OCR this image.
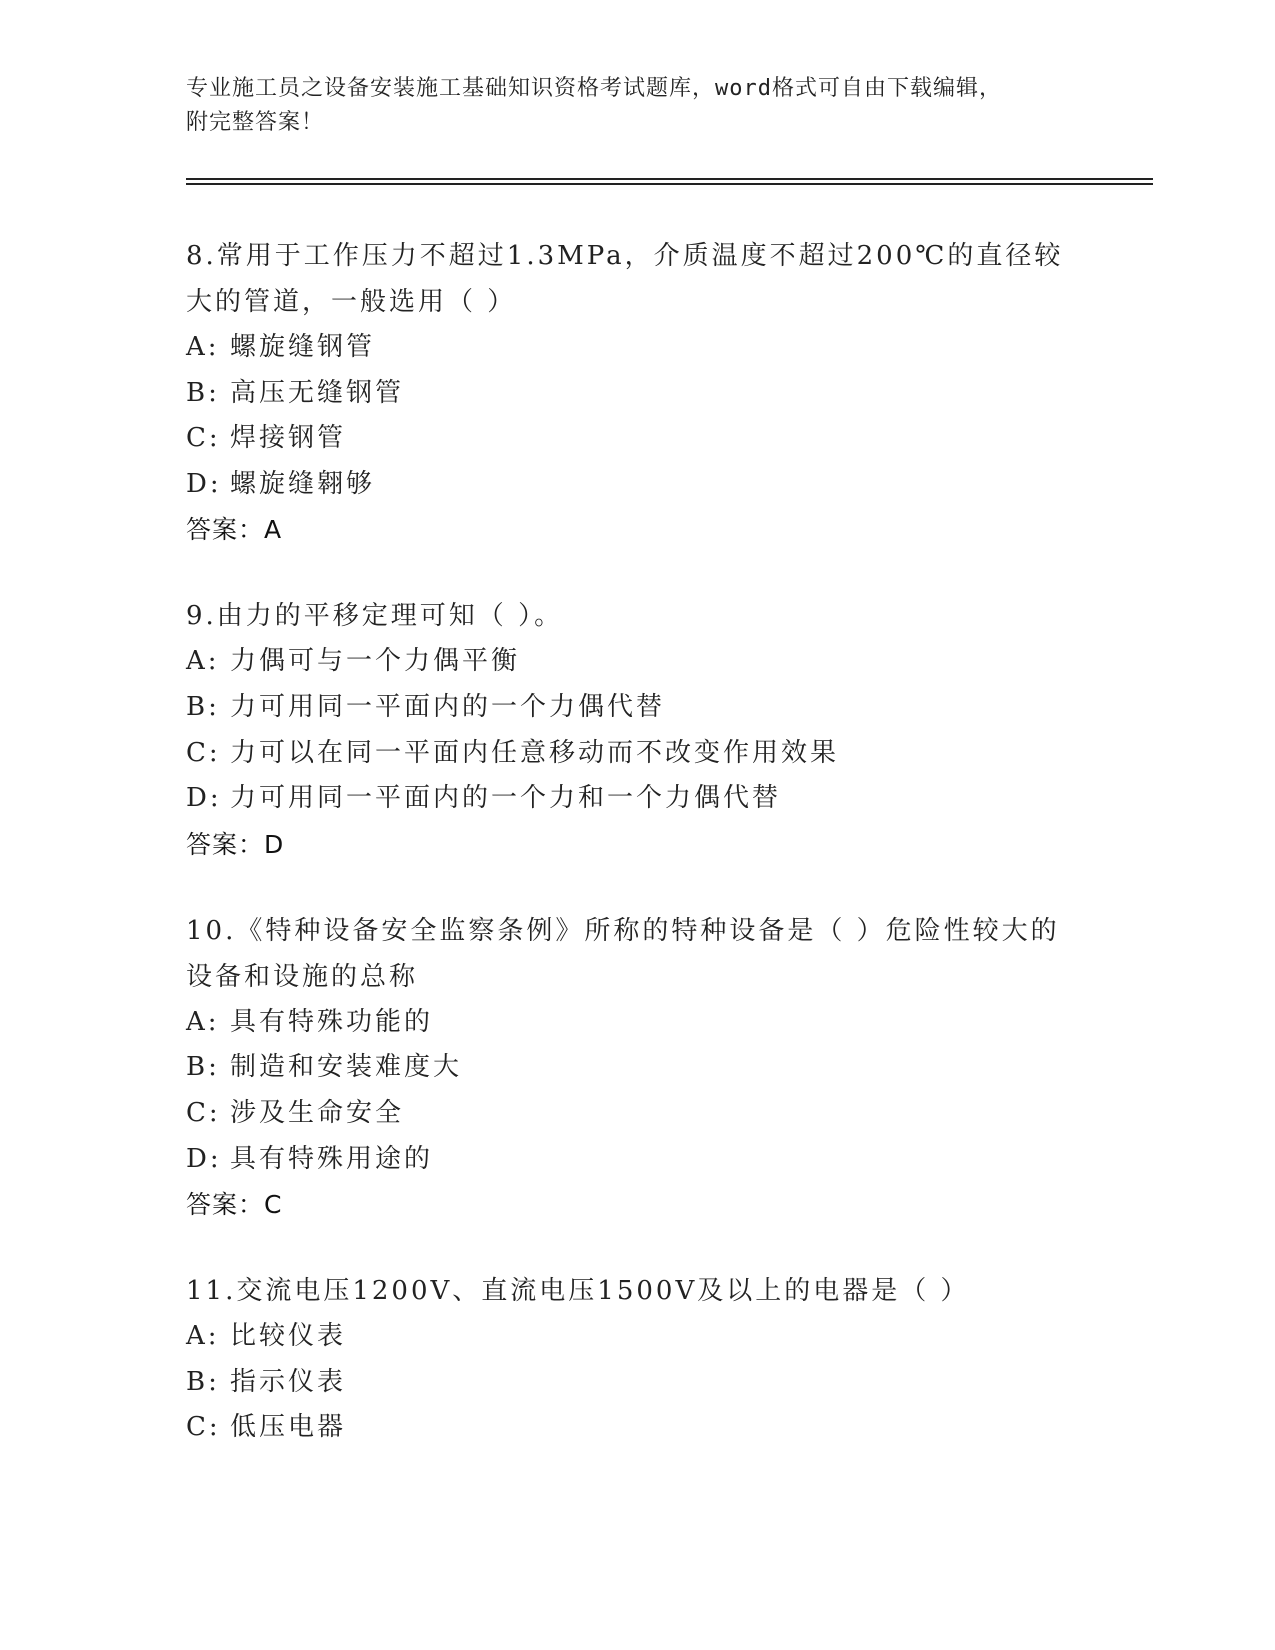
专业施工员之设备安装施工基础知识资格考试题库，word格式可自由下载编辑，
附完整答案！
8.常用于工作压力不超过1.3MPa，介质温度不超过200℃的直径较大的管道，一般选用（ ）
A: 螺旋缝钢管
B: 高压无缝钢管
C: 焊接钢管
D: 螺旋缝翱够
答案：A
9.由力的平移定理可知（ ）。
A: 力偶可与一个力偶平衡
B: 力可用同一平面内的一个力偶代替
C: 力可以在同一平面内任意移动而不改变作用效果
D: 力可用同一平面内的一个力和一个力偶代替
答案：D
10.《特种设备安全监察条例》所称的特种设备是（ ）危险性较大的设备和设施的总称
A: 具有特殊功能的
B: 制造和安装难度大
C: 涉及生命安全
D: 具有特殊用途的
答案：C
11.交流电压1200V、直流电压1500V及以上的电器是（ ）
A: 比较仪表
B: 指示仪表
C: 低压电器
